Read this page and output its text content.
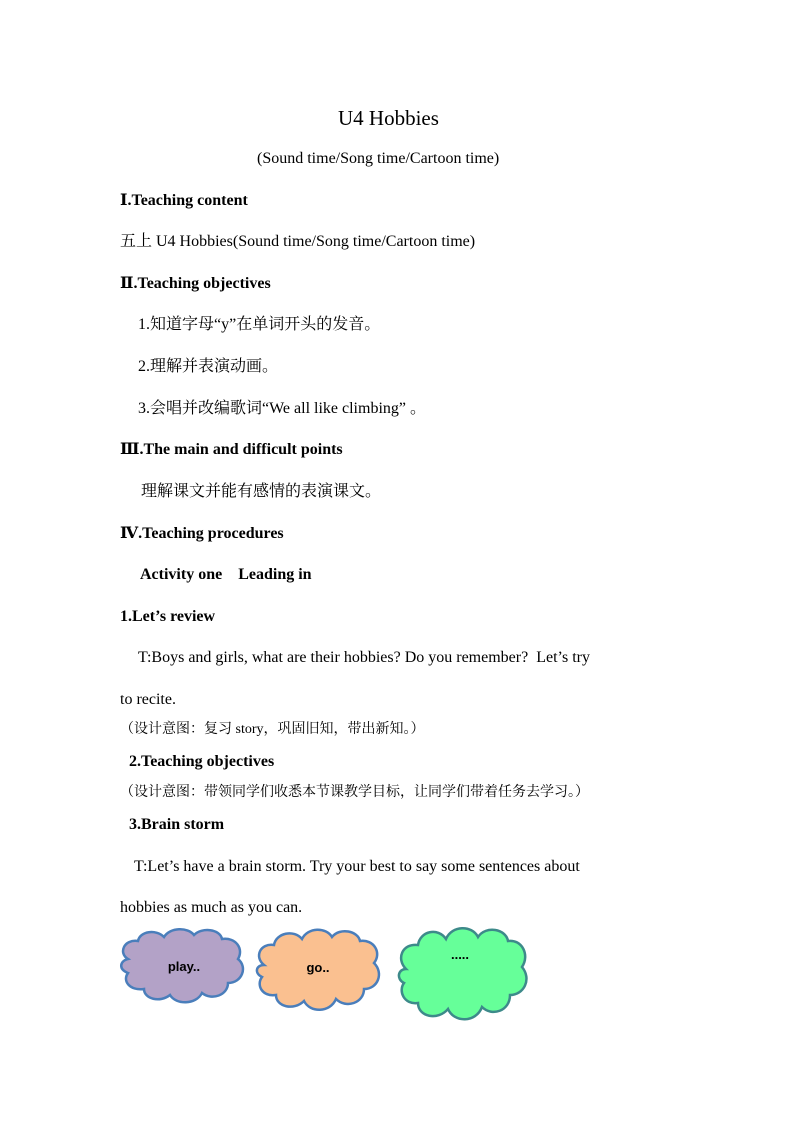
U4 Hobbies
(Sound time/Song time/Cartoon time)
Ⅰ.Teaching content
五上 U4 Hobbies(Sound time/Song time/Cartoon time)
Ⅱ.Teaching objectives
1.知道字母“y”在单词开头的发音。
2.理解并表演动画。
3.会唱并改编歌词“We all like climbing” 。
Ⅲ.The main and difficult points
理解课文并能有感情的表演课文。
Ⅳ.Teaching procedures
Activity one    Leading in
1.Let’s review
T:Boys and girls, what are their hobbies? Do you remember?  Let’s try
to recite.
（设计意图：复习 story，巩固旧知，带出新知。）
2.Teaching objectives
（设计意图：带领同学们收悉本节课教学目标，让同学们带着任务去学习。）
3.Brain storm
T:Let’s have a brain storm. Try your best to say some sentences about
hobbies as much as you can.
play..	go..
.....
